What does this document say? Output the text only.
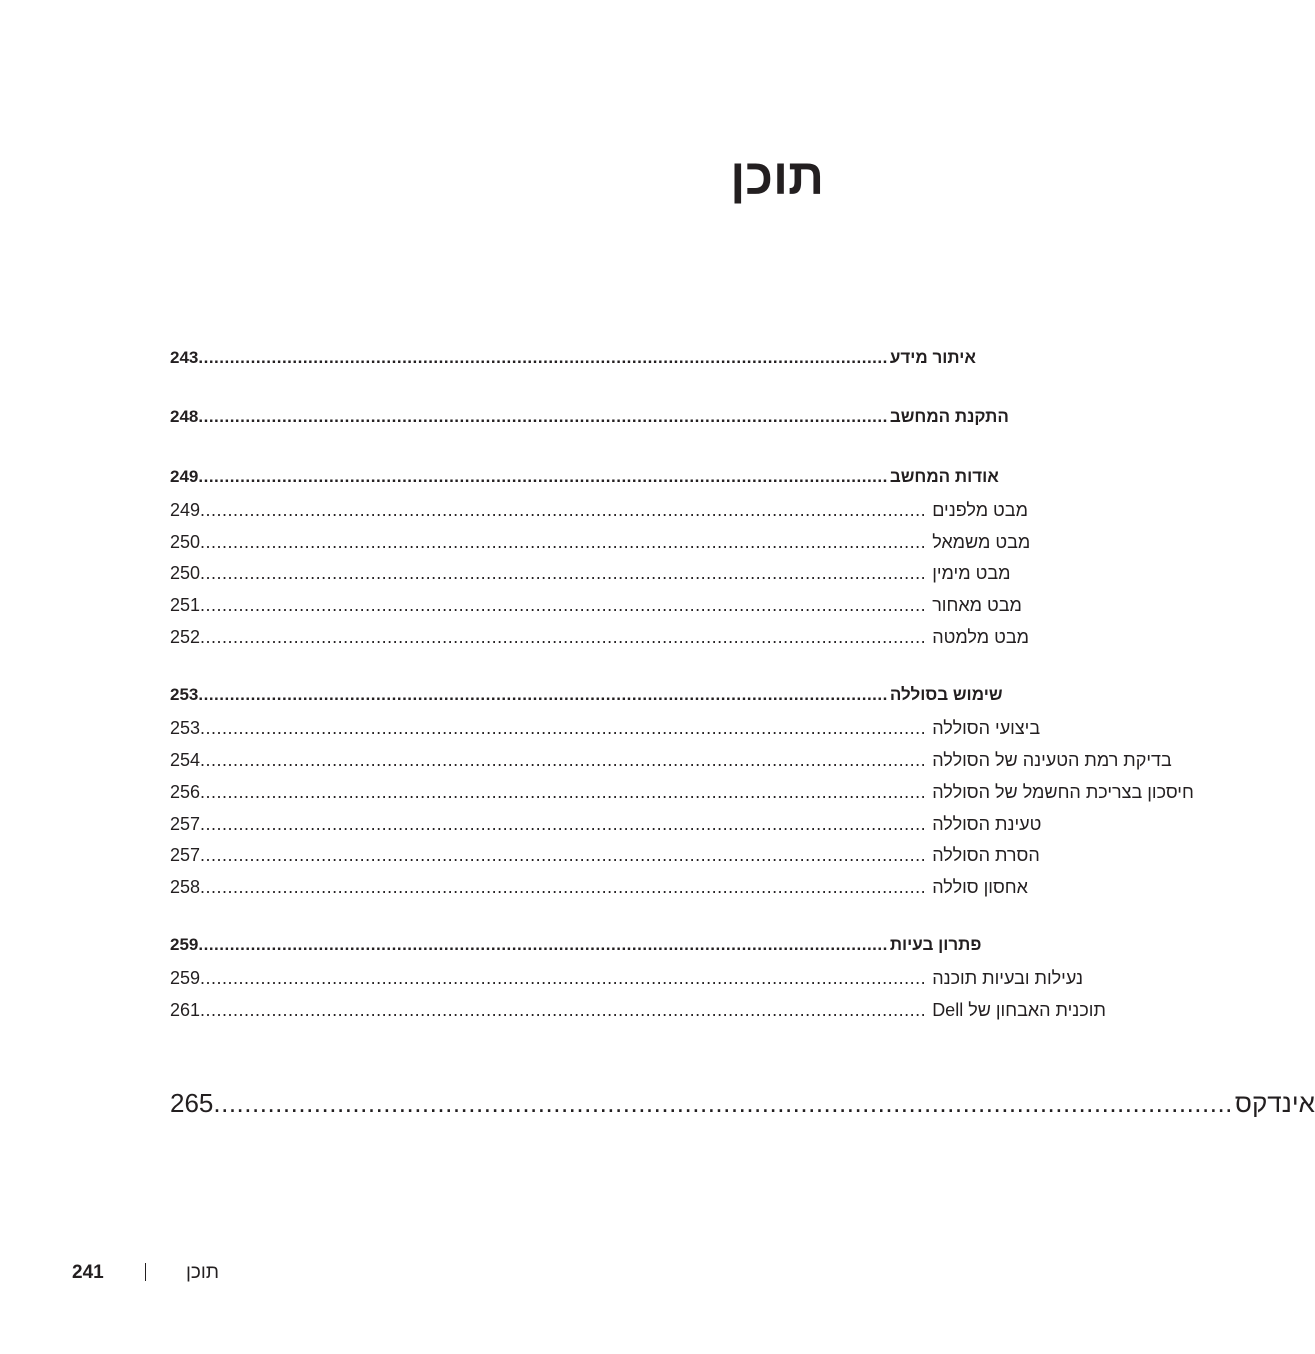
תוכן
243 .................................................................................................................................... איתור מידע
248 .................................................................................................................................... התקנת המחשב
249 .................................................................................................................................... אודות המחשב
249 .................................................................................................................................... מבט מלפנים
250 .................................................................................................................................... מבט משמאל
250 .................................................................................................................................... מבט מימין
251 .................................................................................................................................... מבט מאחור
252 .................................................................................................................................... מבט מלמטה
253 .................................................................................................................................... שימוש בסוללה
253 .................................................................................................................................... ביצועי הסוללה
254 .................................................................................................................................... בדיקת רמת הטעינה של הסוללה
256 .................................................................................................................................... חיסכון בצריכת החשמל של הסוללה
257 .................................................................................................................................... טעינת הסוללה
257 .................................................................................................................................... הסרת הסוללה
258 .................................................................................................................................... אחסון סוללה
259 .................................................................................................................................... פתרון בעיות
259 .................................................................................................................................... נעילות ובעיות תוכנה
261 .................................................................................................................................... תוכנית האבחון של Dell
265 .................................................................................................................................... אינדקס
241	תוכן
